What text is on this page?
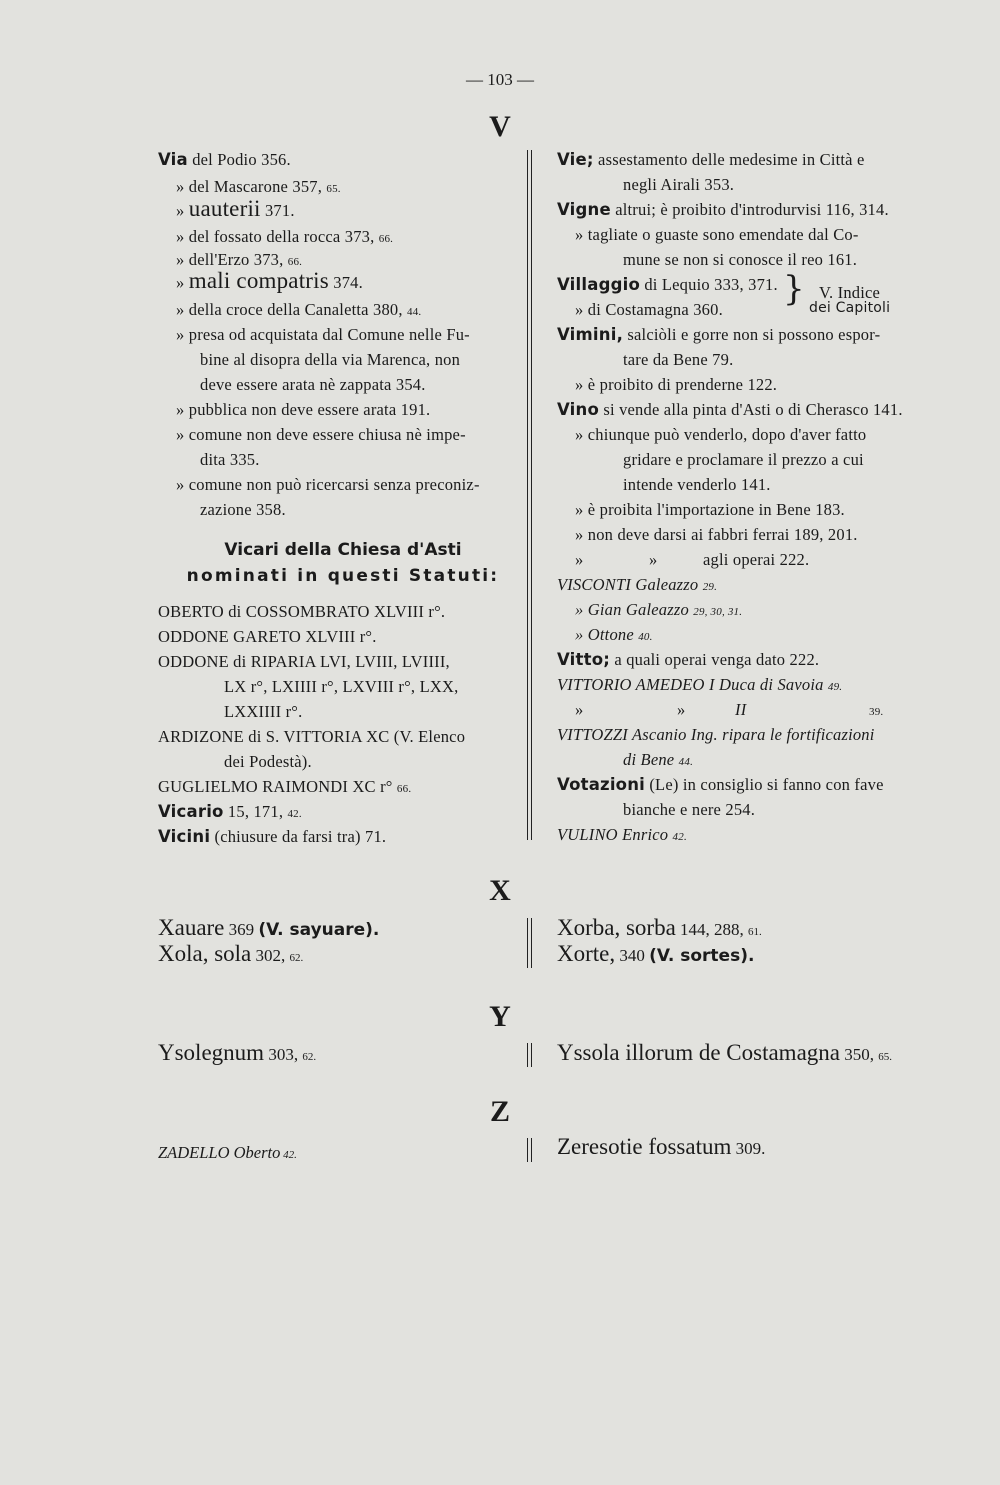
— 103 —
V
Via del Podio 356.
» del Mascarone 357, 65.
» uauterii 371.
» del fossato della rocca 373, 66.
» dell'Erzo 373, 66.
» mali compatris 374.
» della croce della Canaletta 380, 44.
» presa od acquistata dal Comune nelle Fu-
bine al disopra della via Marenca, non
deve essere arata nè zappata 354.
» pubblica non deve essere arata 191.
» comune non deve essere chiusa nè impe-
dita 335.
» comune non può ricercarsi senza preconiz-
zazione 358.
Vicari della Chiesa d'Asti
nominati in questi Statuti:
OBERTO di COSSOMBRATO XLVIII r°.
ODDONE GARETO XLVIII r°.
ODDONE di RIPARIA LVI, LVIII, LVIIII,
LX r°, LXIIII r°, LXVIII r°, LXX,
LXXIIII r°.
ARDIZONE di S. VITTORIA XC (V. Elenco
dei Podestà).
GUGLIELMO RAIMONDI XC r° 66.
Vicario 15, 171, 42.
Vicini (chiusure da farsi tra) 71.
Vie; assestamento delle medesime in Città e
negli Airali 353.
Vigne altrui; è proibito d'introdurvisi 116, 314.
» tagliate o guaste sono emendate dal Co-
mune se non si conosce il reo 161.
Villaggio di Lequio 333, 371.
» di Costamagna 360.
} V. Indice
dei Capitoli
Vimini, salciòli e gorre non si possono espor-
tare da Bene 79.
» è proibito di prenderne 122.
Vino si vende alla pinta d'Asti o di Cherasco 141.
» chiunque può venderlo, dopo d'aver fatto
gridare e proclamare il prezzo a cui
intende venderlo 141.
» è proibita l'importazione in Bene 183.
» non deve darsi ai fabbri ferrai 189, 201.
»	»	agli operai 222.
VISCONTI Galeazzo 29.
» Gian Galeazzo 29, 30, 31.
» Ottone 40.
Vitto; a quali operai venga dato 222.
VITTORIO AMEDEO I Duca di Savoia 49.
»	»	II	39.
VITTOZZI Ascanio Ing. ripara le fortificazioni
di Bene 44.
Votazioni (Le) in consiglio si fanno con fave
bianche e nere 254.
VULINO Enrico 42.
X
Xauare 369 (V. sayuare).
Xola, sola 302, 62.
Xorba, sorba 144, 288, 61.
Xorte, 340 (V. sortes).
Y
Ysolegnum 303, 62.	Yssola illorum de Costamagna 350, 65.
Z
ZADELLO Oberto 42.	Zeresotie fossatum 309.
